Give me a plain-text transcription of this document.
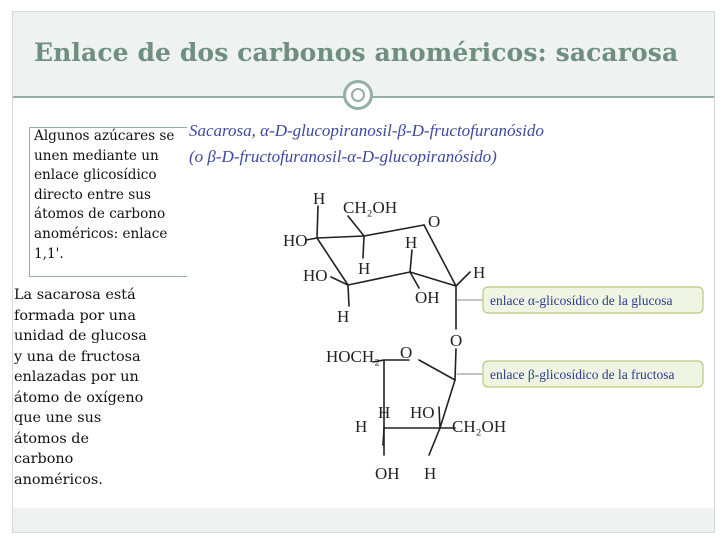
Enlace de dos carbonos anoméricos: sacarosa
Algunos azúcares se
unen mediante un
enlace glicosídico
directo entre sus
átomos de carbono
anoméricos: enlace
1,1'.
La sacarosa está
formada por una
unidad de glucosa
y una de fructosa
enlazadas por un
átomo de oxígeno
que une sus
átomos de
carbono
anoméricos.
Sacarosa, α-D-glucopiranosil-β-D-fructofuranósido
(o β-D-fructofuranosil-α-D-glucopiranósido)
enlace α-glicosídico de la glucosa
enlace β-glicosídico de la fructosa
H CH₂OH
O
HO	H
H
HO	H
OH
H
O
HOCH₂ O
H HO
H	CH₂OH
OH H
